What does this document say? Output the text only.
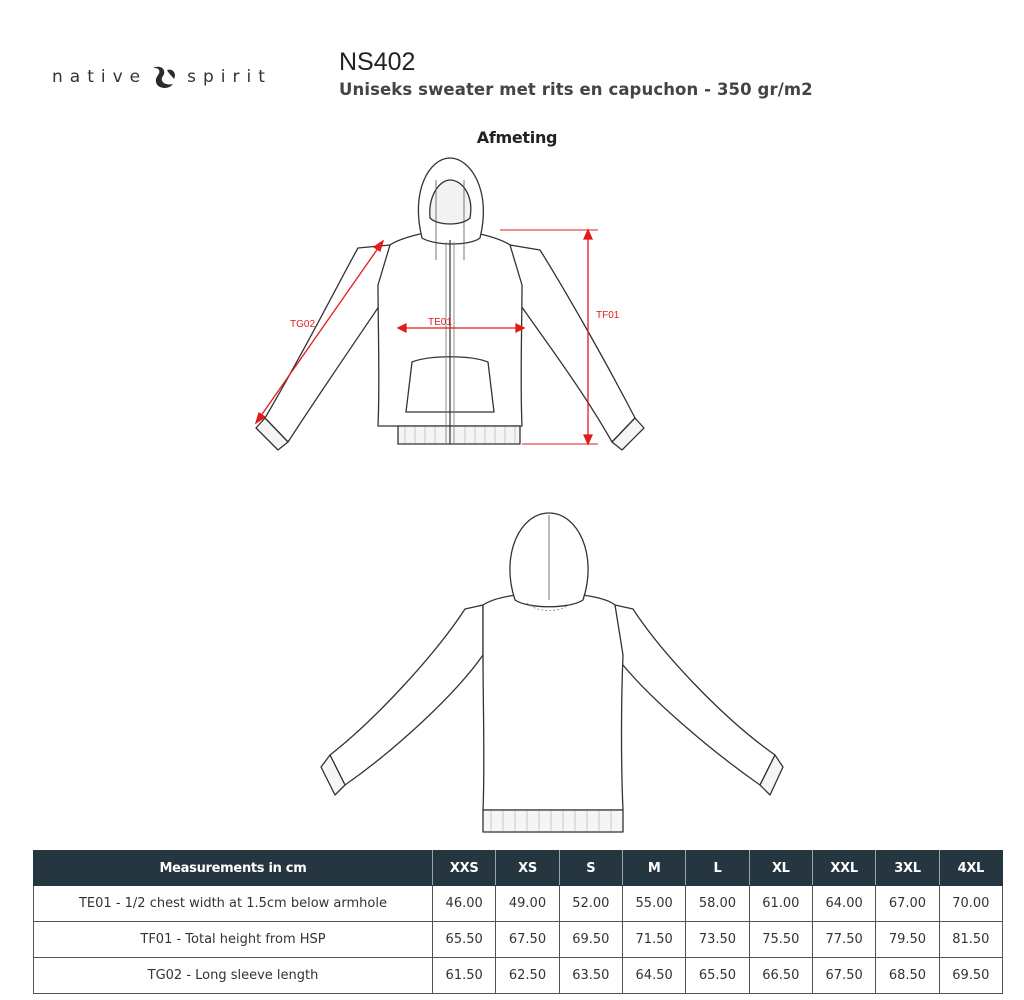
native spirit
NS402
Uniseks sweater met rits en capuchon - 350 gr/m2
Afmeting
TE01
TF01
TG02
Measurements in cm	XXS	XS	S	M	L	XL	XXL	3XL	4XL
TE01 - 1/2 chest width at 1.5cm below armhole	46.00	49.00	52.00	55.00	58.00	61.00	64.00	67.00	70.00
TF01 - Total height from HSP	65.50	67.50	69.50	71.50	73.50	75.50	77.50	79.50	81.50
TG02 - Long sleeve length	61.50	62.50	63.50	64.50	65.50	66.50	67.50	68.50	69.50
